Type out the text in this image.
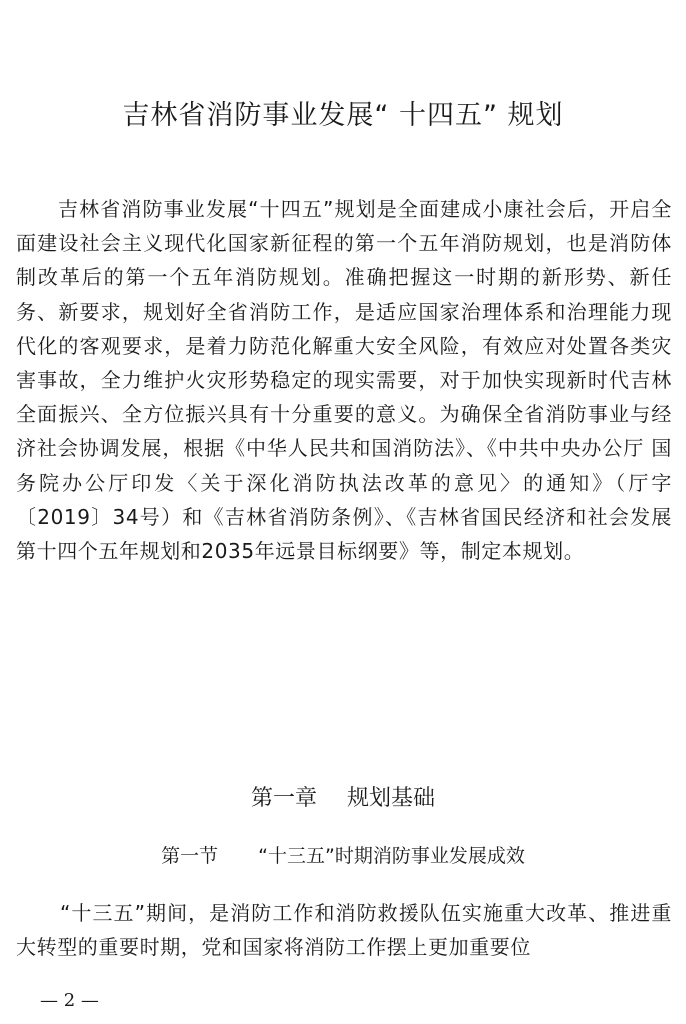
吉林省消防事业发展“ 十四五” 规划

吉林省消防事业发展“十四五”规划是全面建成小康社会后，开启全面建设社会主义现代化国家新征程的第一个五年消防规划，也是消防体制改革后的第一个五年消防规划。准确把握这一时期的新形势、新任务、新要求，规划好全省消防工作，是适应国家治理体系和治理能力现代化的客观要求，是着力防范化解重大安全风险，有效应对处置各类灾害事故，全力维护火灾形势稳定的现实需要，对于加快实现新时代吉林全面振兴、全方位振兴具有十分重要的意义。为确保全省消防事业与经济社会协调发展，根据《中华人民共和国消防法》、《中共中央办公厅 国务院办公厅印发〈关于深化消防执法改革的意见〉的通知》（厅字〔2019〕34号）和《吉林省消防条例》、《吉林省国民经济和社会发展第十四个五年规划和2035年远景目标纲要》等，制定本规划。

第一章 规划基础
第一节 “十三五”时期消防事业发展成效

“十三五”期间，是消防工作和消防救援队伍实施重大改革、推进重大转型的重要时期，党和国家将消防工作摆上更加重要位

— 2 —
